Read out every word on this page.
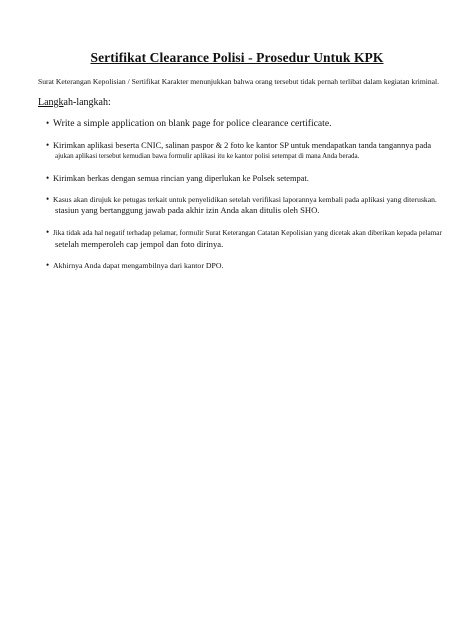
Sertifikat Clearance Polisi - Prosedur Untuk KPK
Surat Keterangan Kepolisian / Sertifikat Karakter menunjukkan bahwa orang tersebut tidak pernah terlibat dalam kegiatan kriminal.
Langkah-langkah:
• Write a simple application on blank page for police clearance certificate.
• Kirimkan aplikasi beserta CNIC, salinan paspor & 2 foto ke kantor SP untuk mendapatkan tanda tangannya pada
ajukan aplikasi tersebut kemudian bawa formulir aplikasi itu ke kantor polisi setempat di mana Anda berada.
• Kirimkan berkas dengan semua rincian yang diperlukan ke Polsek setempat.
• Kasus akan dirujuk ke petugas terkait untuk penyelidikan setelah verifikasi laporannya kembali pada aplikasi yang diteruskan.
stasiun yang bertanggung jawab pada akhir izin Anda akan ditulis oleh SHO.
• Jika tidak ada hal negatif terhadap pelamar, formulir Surat Keterangan Catatan Kepolisian yang dicetak akan diberikan kepada pelamar
setelah memperoleh cap jempol dan foto dirinya.
• Akhirnya Anda dapat mengambilnya dari kantor DPO.
